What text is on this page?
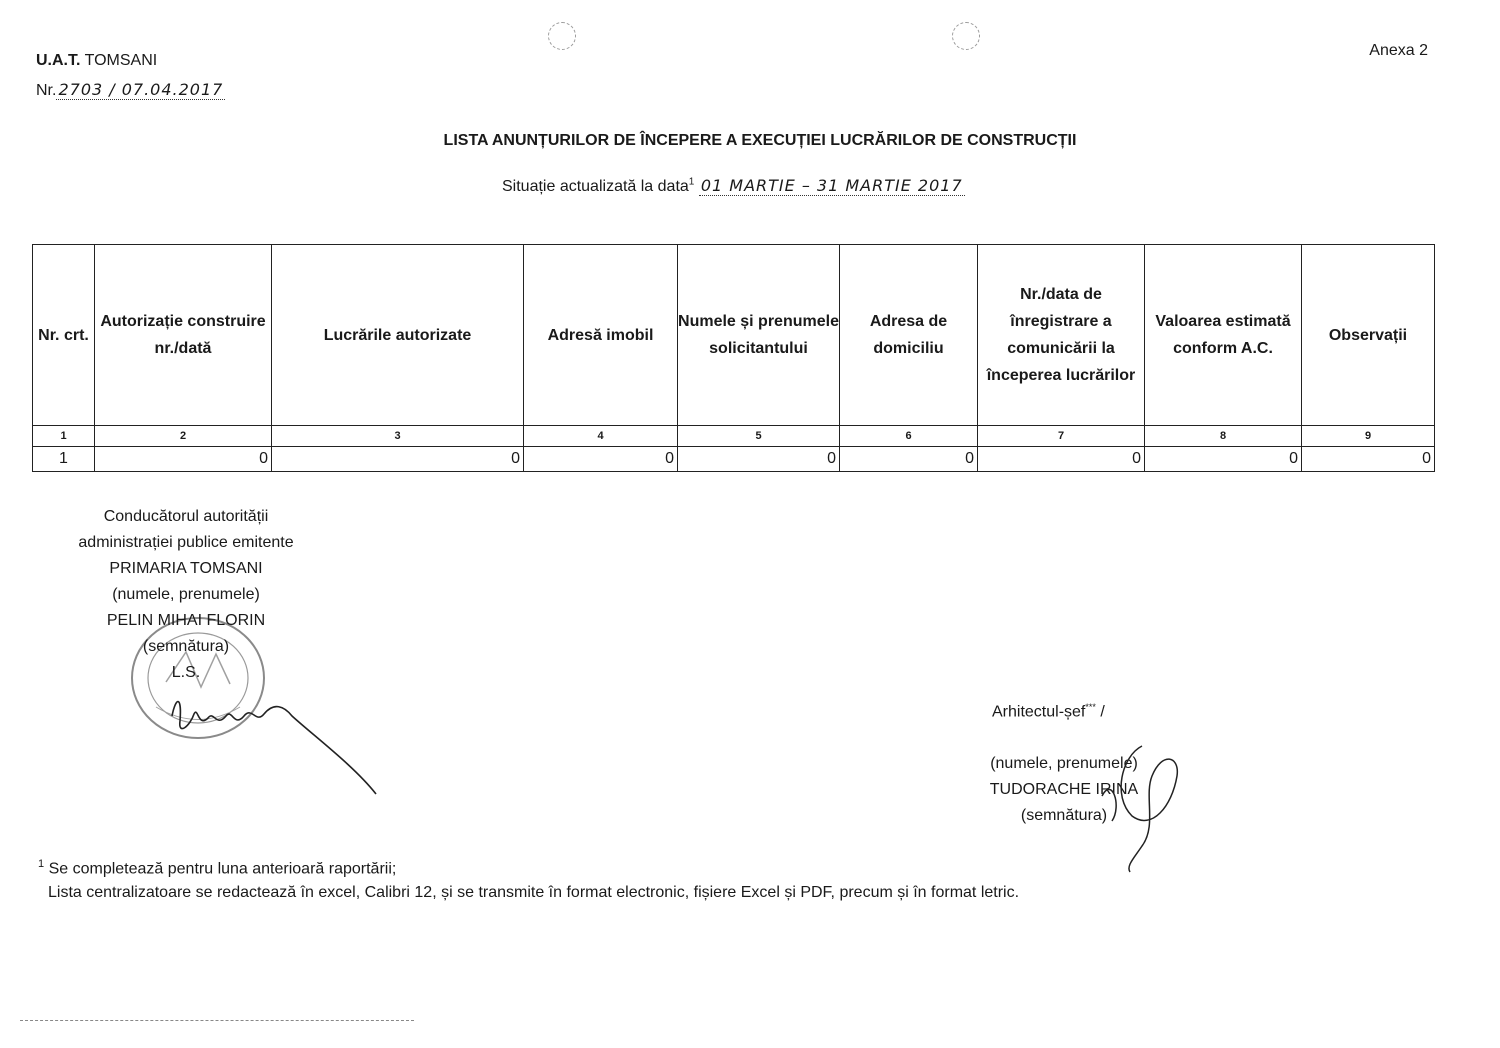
U.A.T. TOMSANI
Nr. 2703 / 07.04.2017
Anexa 2
LISTA ANUNȚURILOR DE ÎNCEPERE A EXECUȚIEI LUCRĂRILOR DE CONSTRUCȚII
Situație actualizată la data$^1$ 01 MARTIE – 31 MARTIE 2017
Nr. crt.	Autorizație construire nr./dată	Lucrările autorizate	Adresă imobil	Numele și prenumele solicitantului	Adresa de domiciliu	Nr./data de înregistrare a comunicării la începerea lucrărilor	Valoarea estimată conform A.C.	Observații
1	2	3	4	5	6	7	8	9
1	0	0	0	0	0	0	0	0
Conducătorul autorității
administrației publice emitente
PRIMARIA TOMSANI
(numele, prenumele)
PELIN MIHAI FLORIN
(semnătura)
L.S.
Arhitectul-șef*** /
(numele, prenumele)
TUDORACHE IRINA
(semnătura)
$^1$ Se completează pentru luna anterioară raportării;
Lista centralizatoare se redactează în excel, Calibri 12, și se transmite în format electronic, fișiere Excel și PDF, precum și în format letric.
